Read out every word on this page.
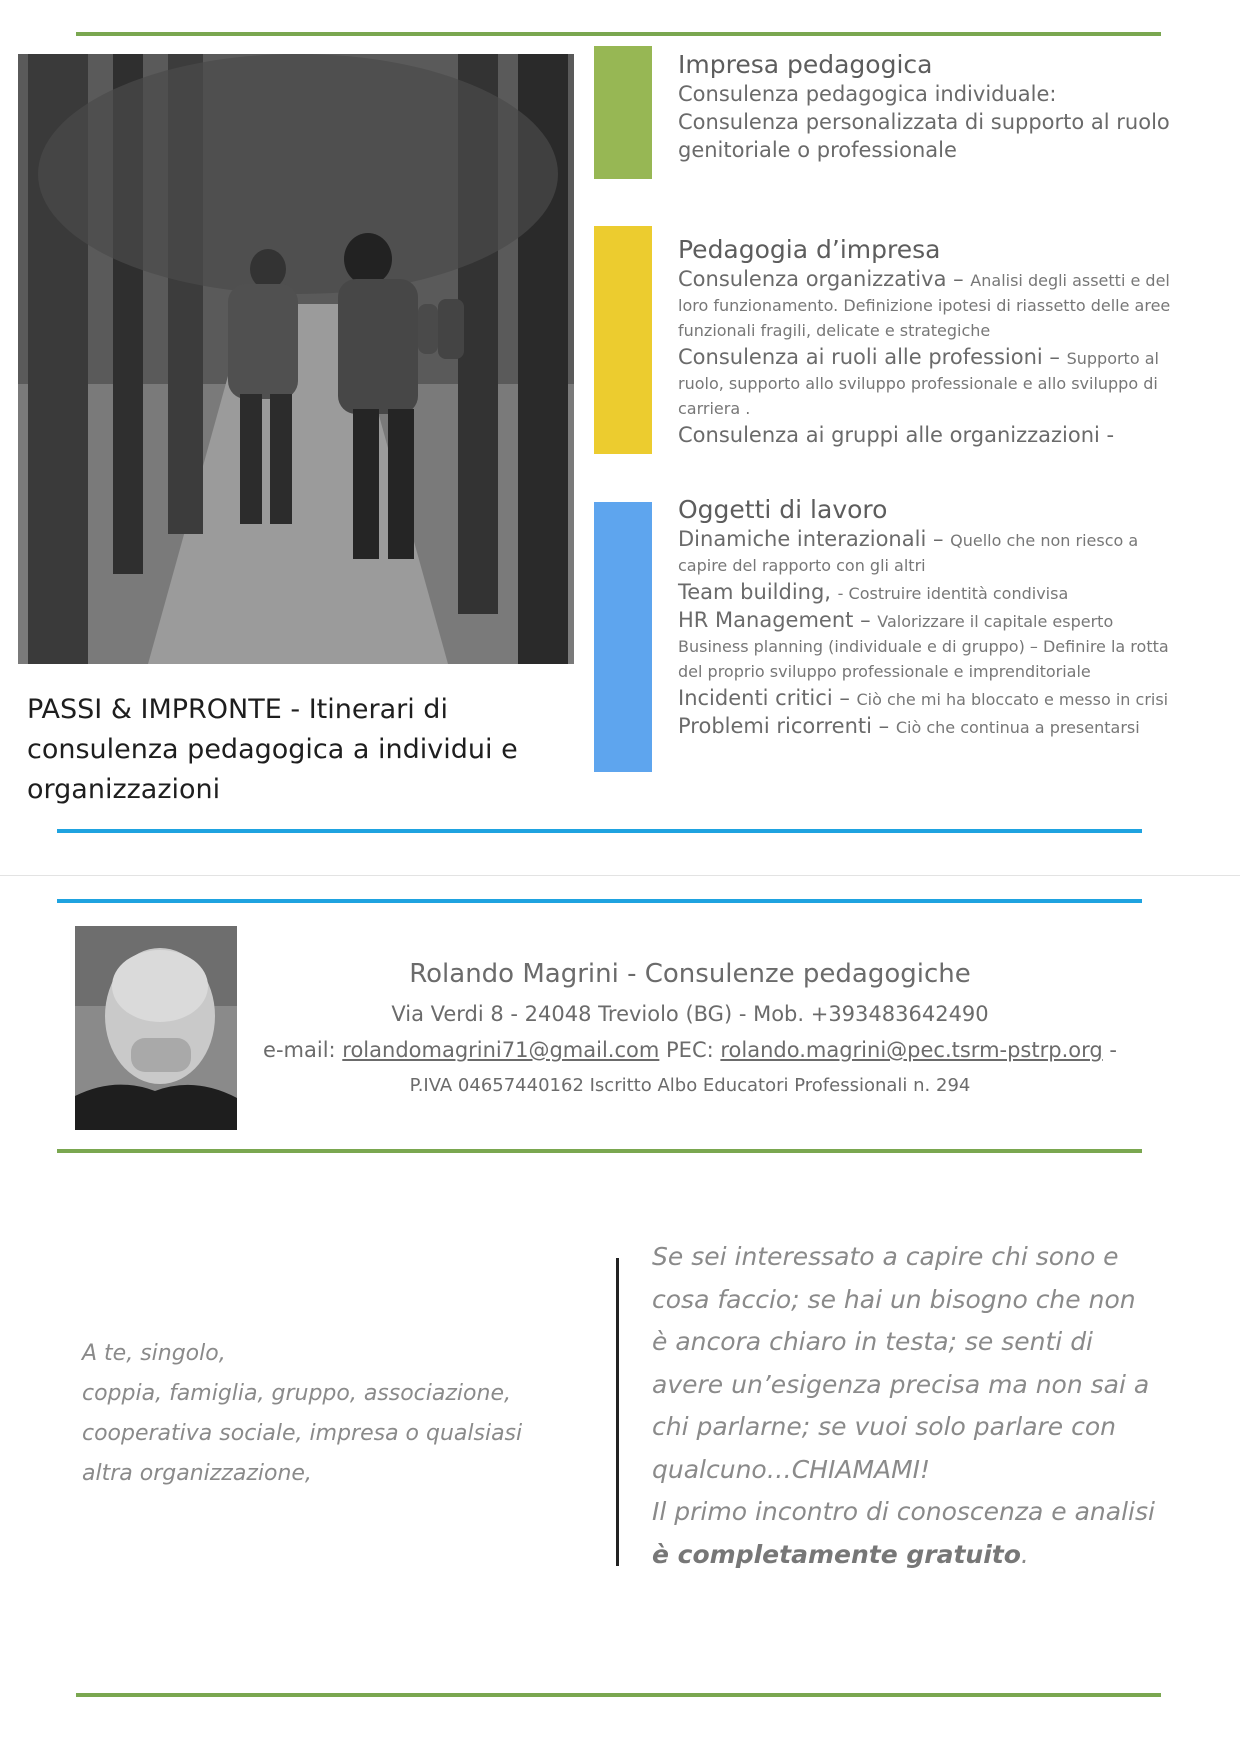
PASSI & IMPRONTE - Itinerari di consulenza pedagogica a individui e organizzazioni
Impresa pedagogica
Consulenza pedagogica individuale:
Consulenza personalizzata di supporto al ruolo genitoriale o professionale
Pedagogia d’impresa

Consulenza organizzativa – Analisi degli assetti e del loro funzionamento. Definizione ipotesi di riassetto delle aree funzionali fragili, delicate e strategiche

Consulenza ai ruoli alle professioni – Supporto al ruolo, supporto allo sviluppo professionale e allo sviluppo di carriera .

Consulenza ai gruppi alle organizzazioni -

Oggetti di lavoro

Dinamiche interazionali – Quello che non riesco a capire del rapporto con gli altri

Team building, - Costruire identità condivisa

HR Management – Valorizzare il capitale esperto

Business planning (individuale e di gruppo) – Definire la rotta del proprio sviluppo professionale e imprenditoriale

Incidenti critici – Ciò che mi ha bloccato e messo in crisi

Problemi ricorrenti – Ciò che continua a presentarsi

Rolando Magrini - Consulenze pedagogiche
Via Verdi 8 - 24048 Treviolo (BG) - Mob. +393483642490
e-mail: rolandomagrini71@gmail.com PEC: rolando.magrini@pec.tsrm-pstrp.org -
P.IVA 04657440162 Iscritto Albo Educatori Professionali n. 294
A te, singolo,
coppia, famiglia, gruppo, associazione,
cooperativa sociale, impresa o qualsiasi
altra organizzazione,
Se sei interessato a capire chi sono e
cosa faccio; se hai un bisogno che non
è ancora chiaro in testa; se senti di
avere un’esigenza precisa ma non sai a
chi parlarne; se vuoi solo parlare con
qualcuno…CHIAMAMI!
Il primo incontro di conoscenza e analisi
è completamente gratuito.
